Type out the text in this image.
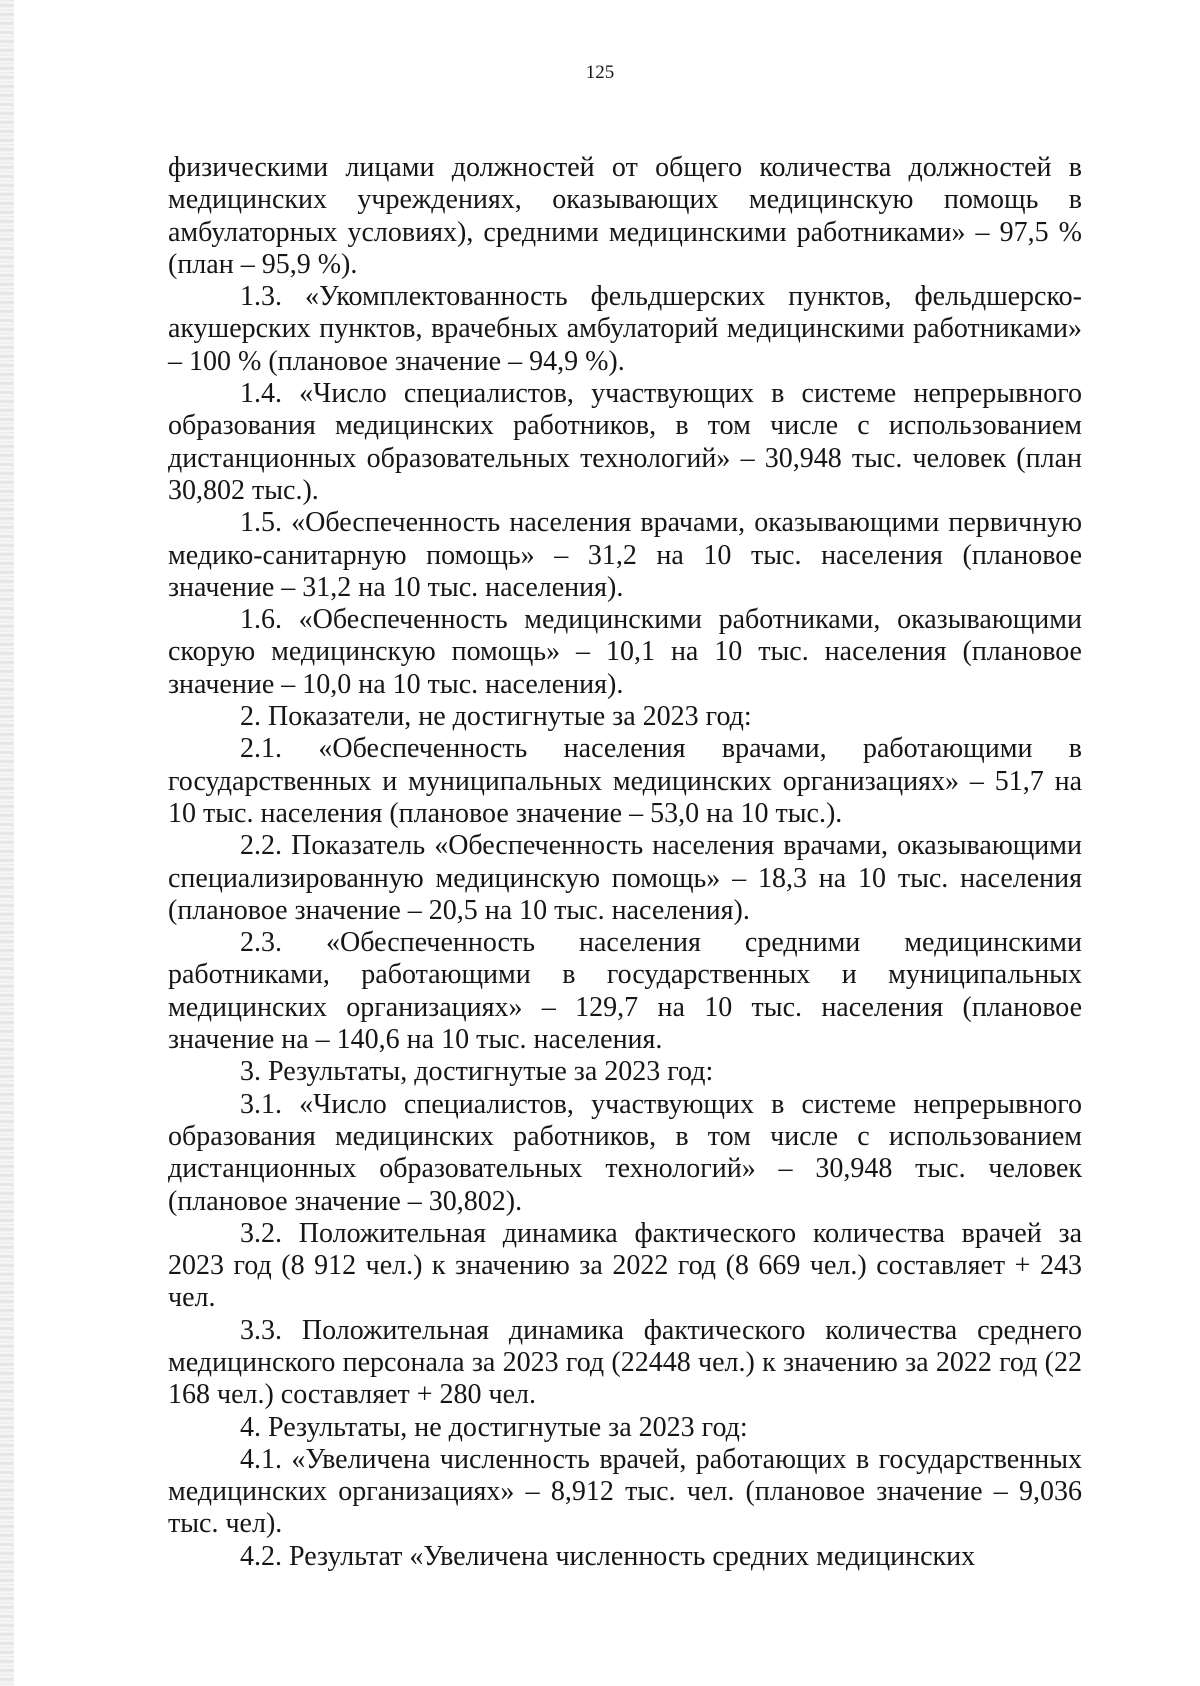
125

физическими лицами должностей от общего количества должностей в медицинских учреждениях, оказывающих медицинскую помощь в амбулаторных условиях), средними медицинскими работниками» – 97,5 % (план – 95,9 %).

1.3. «Укомплектованность фельдшерских пунктов, фельдшерско-акушерских пунктов, врачебных амбулаторий медицинскими работниками» – 100 % (плановое значение – 94,9 %).

1.4. «Число специалистов, участвующих в системе непрерывного образования медицинских работников, в том числе с использованием дистанционных образовательных технологий» – 30,948 тыс. человек (план 30,802 тыс.).

1.5. «Обеспеченность населения врачами, оказывающими первичную медико-санитарную помощь» – 31,2 на 10 тыс. населения (плановое значение – 31,2 на 10 тыс. населения).

1.6. «Обеспеченность медицинскими работниками, оказывающими скорую медицинскую помощь» – 10,1 на 10 тыс. населения (плановое значение – 10,0 на 10 тыс. населения).

2. Показатели, не достигнутые за 2023 год:

2.1. «Обеспеченность населения врачами, работающими в государственных и муниципальных медицинских организациях» – 51,7 на 10 тыс. населения (плановое значение – 53,0 на 10 тыс.).

2.2. Показатель «Обеспеченность населения врачами, оказывающими специализированную медицинскую помощь» – 18,3 на 10 тыс. населения (плановое значение – 20,5 на 10 тыс. населения).

2.3. «Обеспеченность населения средними медицинскими работниками, работающими в государственных и муниципальных медицинских организациях» – 129,7 на 10 тыс. населения (плановое значение на – 140,6 на 10 тыс. населения.

3. Результаты, достигнутые за 2023 год:

3.1. «Число специалистов, участвующих в системе непрерывного образования медицинских работников, в том числе с использованием дистанционных образовательных технологий» – 30,948 тыс. человек (плановое значение – 30,802).

3.2. Положительная динамика фактического количества врачей за 2023 год (8 912 чел.) к значению за 2022 год (8 669 чел.) составляет + 243 чел.

3.3. Положительная динамика фактического количества среднего медицинского персонала за 2023 год (22448 чел.) к значению за 2022 год (22 168 чел.) составляет + 280 чел.

4. Результаты, не достигнутые за 2023 год:

4.1. «Увеличена численность врачей, работающих в государственных медицинских организациях» – 8,912 тыс. чел. (плановое значение – 9,036 тыс. чел).

4.2. Результат «Увеличена численность средних медицинских
